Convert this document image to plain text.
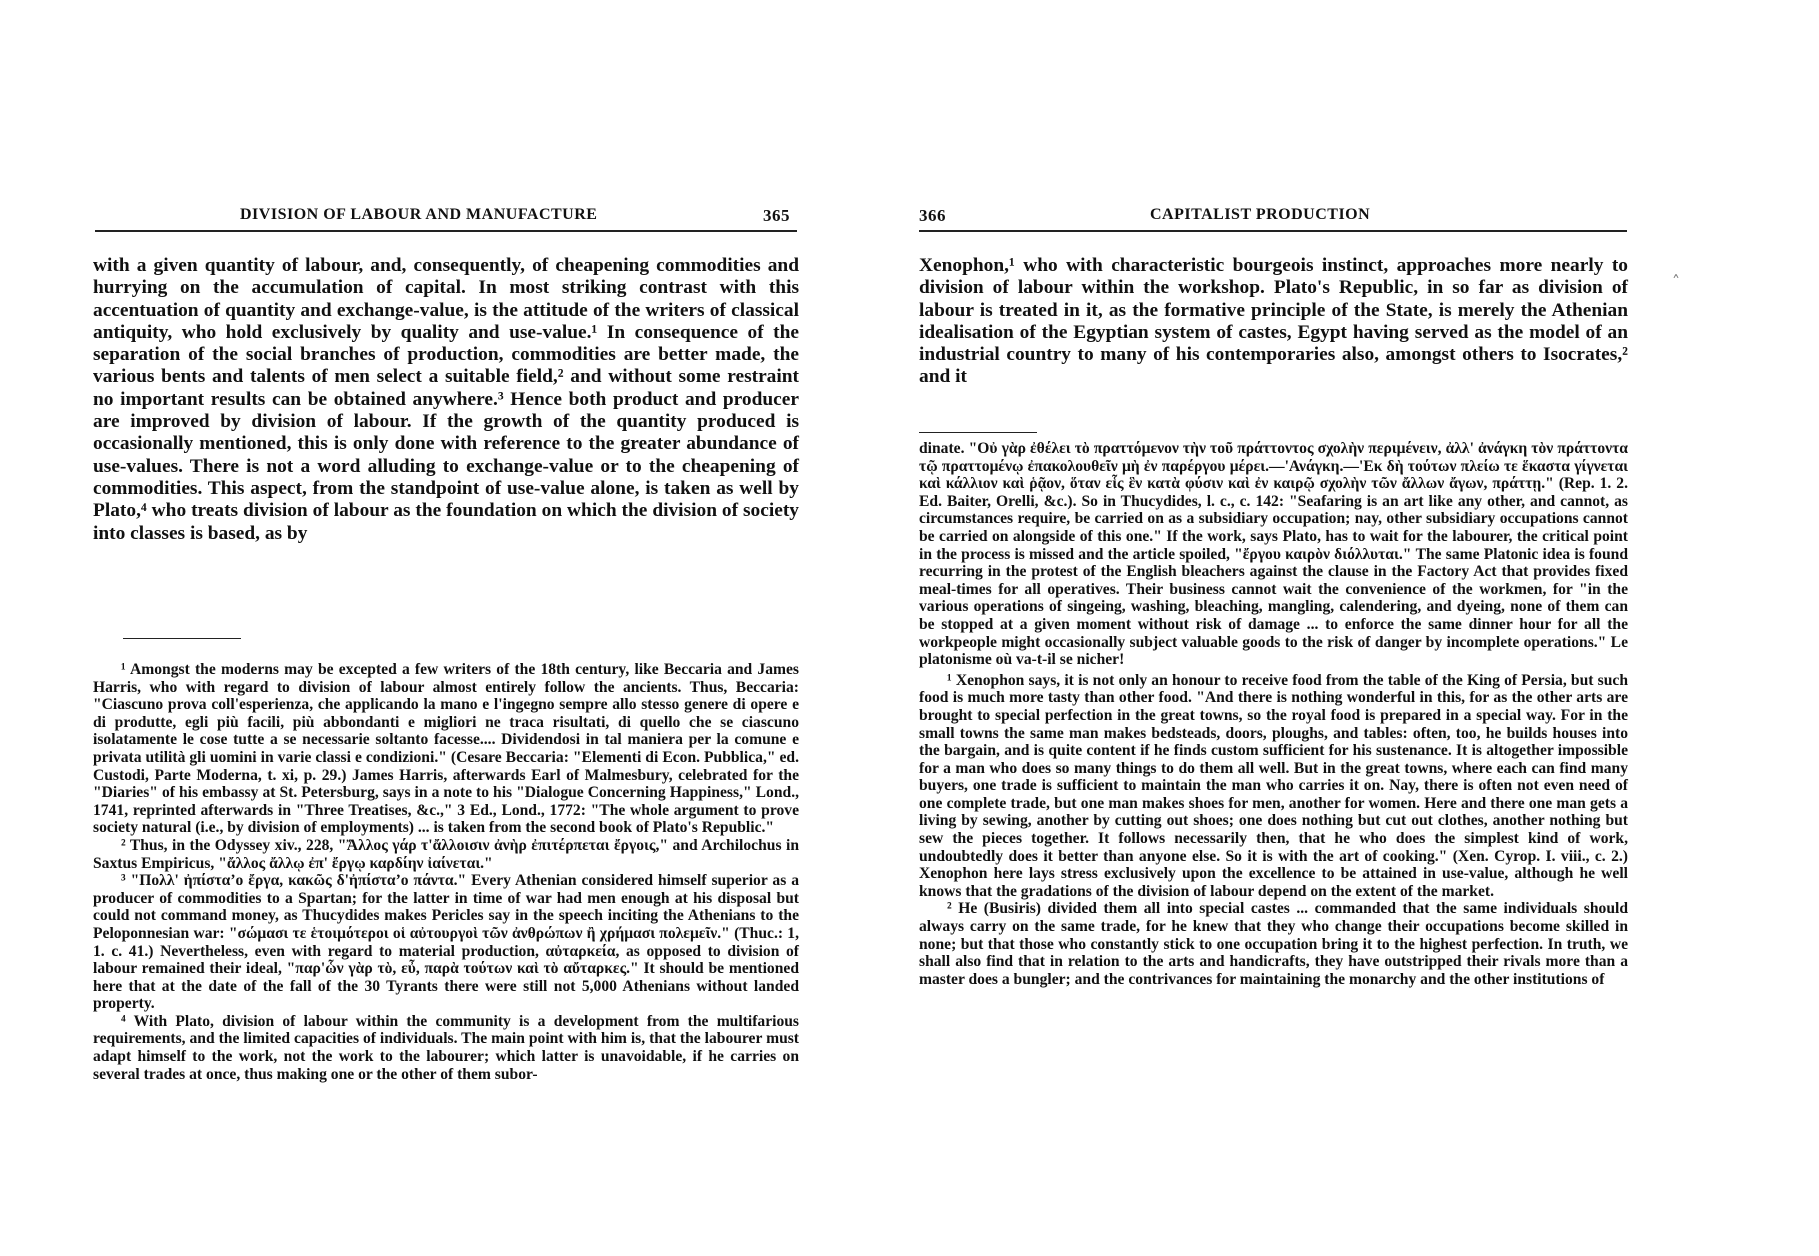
DIVISION OF LABOUR AND MANUFACTURE	365

with a given quantity of labour, and, consequently, of cheapening commodities and hurrying on the accumulation of capital. In most striking contrast with this accentuation of quantity and exchange-value, is the attitude of the writers of classical antiquity, who hold exclusively by quality and use-value.¹ In consequence of the separation of the social branches of production, commodities are better made, the various bents and talents of men select a suitable field,² and without some restraint no important results can be obtained anywhere.³ Hence both product and producer are improved by division of labour. If the growth of the quantity produced is occasionally mentioned, this is only done with reference to the greater abundance of use-values. There is not a word alluding to exchange-value or to the cheapening of commodities. This aspect, from the standpoint of use-value alone, is taken as well by Plato,⁴ who treats division of labour as the foundation on which the division of society into classes is based, as by

¹ Amongst the moderns may be excepted a few writers of the 18th century, like Beccaria and James Harris, who with regard to division of labour almost entirely follow the ancients. Thus, Beccaria: "Ciascuno prova coll'esperienza, che applicando la mano e l'ingegno sempre allo stesso genere di opere e di produtte, egli più facili, più abbondanti e migliori ne traca risultati, di quello che se ciascuno isolatamente le cose tutte a se necessarie soltanto facesse.... Dividendosi in tal maniera per la comune e privata utilità gli uomini in varie classi e condizioni." (Cesare Beccaria: "Elementi di Econ. Pubblica," ed. Custodi, Parte Moderna, t. xi, p. 29.) James Harris, afterwards Earl of Malmesbury, celebrated for the "Diaries" of his embassy at St. Petersburg, says in a note to his "Dialogue Concerning Happiness," Lond., 1741, reprinted afterwards in "Three Treatises, &c.," 3 Ed., Lond., 1772: "The whole argument to prove society natural (i.e., by division of employments) ... is taken from the second book of Plato's Republic."

² Thus, in the Odyssey xiv., 228, "Ἄλλος γάρ τ'ἄλλοισιν ἀνὴρ ἐπιτέρπεται ἔργοις," and Archilochus in Saxtus Empiricus, "ἄλλος ἄλλῳ ἐπ' ἔργῳ καρδίην ἰαίνεται."

³ "Πολλ' ἠπίσταʼο ἔργα, κακῶς δ'ἠπίσταʼο πάντα." Every Athenian considered himself superior as a producer of commodities to a Spartan; for the latter in time of war had men enough at his disposal but could not command money, as Thucydides makes Pericles say in the speech inciting the Athenians to the Peloponnesian war: "σώμασι τε ἑτοιμότεροι οἱ αὐτουργοὶ τῶν ἀνθρώπων ἢ χρήμασι πολεμεῖν." (Thuc.: 1, 1. c. 41.) Nevertheless, even with regard to material production, αὐταρκεία, as opposed to division of labour remained their ideal, "παρ'ὧν γὰρ τὸ, εὖ, παρὰ τούτων καὶ τὸ αὔταρκες." It should be mentioned here that at the date of the fall of the 30 Tyrants there were still not 5,000 Athenians without landed property.

⁴ With Plato, division of labour within the community is a development from the multifarious requirements, and the limited capacities of individuals. The main point with him is, that the labourer must adapt himself to the work, not the work to the labourer; which latter is unavoidable, if he carries on several trades at once, thus making one or the other of them subor-

366	CAPITALIST PRODUCTION

Xenophon,¹ who with characteristic bourgeois instinct, approaches more nearly to division of labour within the workshop. Plato's Republic, in so far as division of labour is treated in it, as the formative principle of the State, is merely the Athenian idealisation of the Egyptian system of castes, Egypt having served as the model of an industrial country to many of his contemporaries also, amongst others to Isocrates,² and it

dinate. "Οὐ γὰρ ἐθέλει τὸ πραττόμενον τὴν τοῦ πράττοντος σχολὴν περιμένειν, ἀλλ' ἀνάγκη τὸν πράττοντα τῷ πραττομένῳ ἐπακολουθεῖν μὴ ἐν παρέργου μέρει.—'Ανάγκη.—'Εκ δὴ τούτων πλείω τε ἕκαστα γίγνεται καὶ κάλλιον καὶ ῥᾷον, ὅταν εἷς ἓν κατὰ φύσιν καὶ ἐν καιρῷ σχολὴν τῶν ἄλλων ἄγων, πράττῃ." (Rep. 1. 2. Ed. Baiter, Orelli, &c.). So in Thucydides, l. c., c. 142: "Seafaring is an art like any other, and cannot, as circumstances require, be carried on as a subsidiary occupation; nay, other subsidiary occupations cannot be carried on alongside of this one." If the work, says Plato, has to wait for the labourer, the critical point in the process is missed and the article spoiled, "ἔργου καιρὸν διόλλυται." The same Platonic idea is found recurring in the protest of the English bleachers against the clause in the Factory Act that provides fixed meal-times for all operatives. Their business cannot wait the convenience of the workmen, for "in the various operations of singeing, washing, bleaching, mangling, calendering, and dyeing, none of them can be stopped at a given moment without risk of damage ... to enforce the same dinner hour for all the workpeople might occasionally subject valuable goods to the risk of danger by incomplete operations." Le platonisme où va-t-il se nicher!

¹ Xenophon says, it is not only an honour to receive food from the table of the King of Persia, but such food is much more tasty than other food. "And there is nothing wonderful in this, for as the other arts are brought to special perfection in the great towns, so the royal food is prepared in a special way. For in the small towns the same man makes bedsteads, doors, ploughs, and tables: often, too, he builds houses into the bargain, and is quite content if he finds custom sufficient for his sustenance. It is altogether impossible for a man who does so many things to do them all well. But in the great towns, where each can find many buyers, one trade is sufficient to maintain the man who carries it on. Nay, there is often not even need of one complete trade, but one man makes shoes for men, another for women. Here and there one man gets a living by sewing, another by cutting out shoes; one does nothing but cut out clothes, another nothing but sew the pieces together. It follows necessarily then, that he who does the simplest kind of work, undoubtedly does it better than anyone else. So it is with the art of cooking." (Xen. Cyrop. I. viii., c. 2.) Xenophon here lays stress exclusively upon the excellence to be attained in use-value, although he well knows that the gradations of the division of labour depend on the extent of the market.

² He (Busiris) divided them all into special castes ... commanded that the same individuals should always carry on the same trade, for he knew that they who change their occupations become skilled in none; but that those who constantly stick to one occupation bring it to the highest perfection. In truth, we shall also find that in relation to the arts and handicrafts, they have outstripped their rivals more than a master does a bungler; and the contrivances for maintaining the monarchy and the other institutions of

˄
